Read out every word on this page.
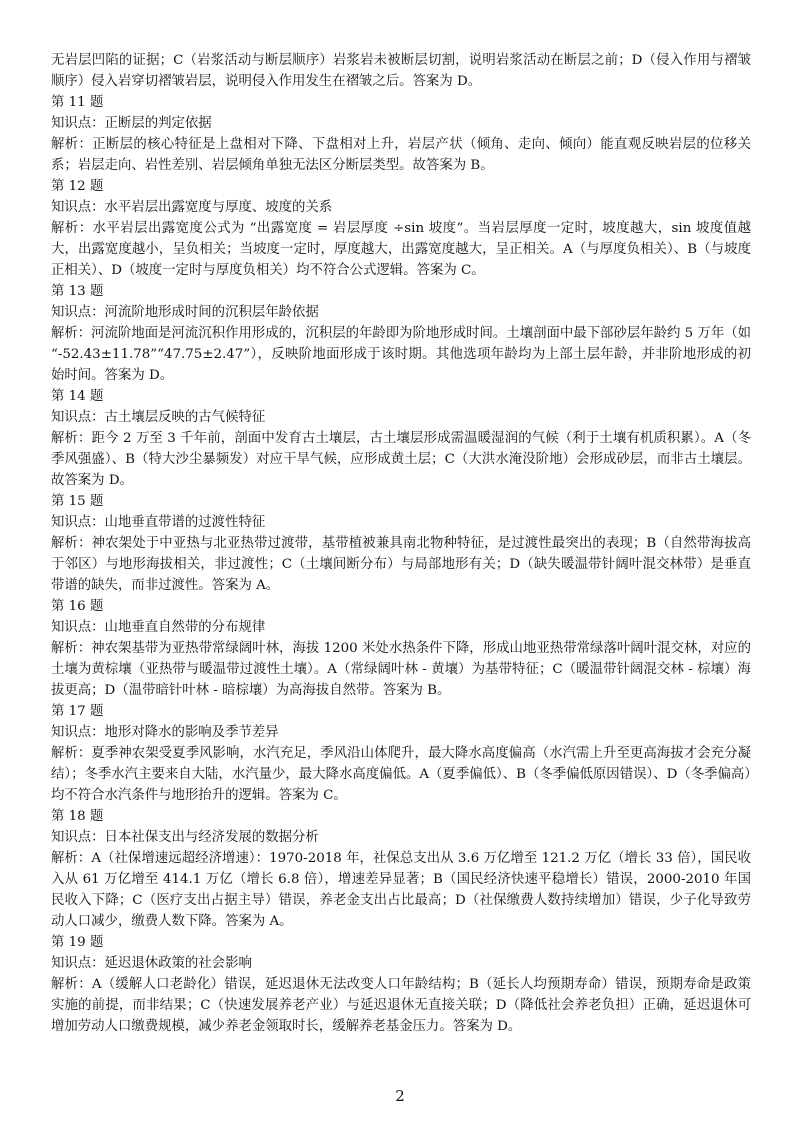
无岩层凹陷的证据；C（岩浆活动与断层顺序）岩浆岩未被断层切割，说明岩浆活动在断层之前；D（侵入作用与褶皱顺序）侵入岩穿切褶皱岩层，说明侵入作用发生在褶皱之后。答案为 D。
第 11 题
知识点：正断层的判定依据
解析：正断层的核心特征是上盘相对下降、下盘相对上升，岩层产状（倾角、走向、倾向）能直观反映岩层的位移关系；岩层走向、岩性差别、岩层倾角单独无法区分断层类型。故答案为 B。
第 12 题
知识点：水平岩层出露宽度与厚度、坡度的关系
解析：水平岩层出露宽度公式为 “出露宽度 = 岩层厚度 ÷sin 坡度”。当岩层厚度一定时，坡度越大，sin 坡度值越大，出露宽度越小，呈负相关；当坡度一定时，厚度越大，出露宽度越大，呈正相关。A（与厚度负相关）、B（与坡度正相关）、D（坡度一定时与厚度负相关）均不符合公式逻辑。答案为 C。
第 13 题
知识点：河流阶地形成时间的沉积层年龄依据
解析：河流阶地面是河流沉积作用形成的，沉积层的年龄即为阶地形成时间。土壤剖面中最下部砂层年龄约 5 万年（如 “-52.43±11.78”“47.75±2.47”），反映阶地面形成于该时期。其他选项年龄均为上部土层年龄，并非阶地形成的初始时间。答案为 D。
第 14 题
知识点：古土壤层反映的古气候特征
解析：距今 2 万至 3 千年前，剖面中发育古土壤层，古土壤层形成需温暖湿润的气候（利于土壤有机质积累）。A（冬季风强盛）、B（特大沙尘暴频发）对应干旱气候，应形成黄土层；C（大洪水淹没阶地）会形成砂层，而非古土壤层。故答案为 D。
第 15 题
知识点：山地垂直带谱的过渡性特征
解析：神农架处于中亚热与北亚热带过渡带，基带植被兼具南北物种特征，是过渡性最突出的表现；B（自然带海拔高于邻区）与地形海拔相关，非过渡性；C（土壤间断分布）与局部地形有关；D（缺失暖温带针阔叶混交林带）是垂直带谱的缺失，而非过渡性。答案为 A。
第 16 题
知识点：山地垂直自然带的分布规律
解析：神农架基带为亚热带常绿阔叶林，海拔 1200 米处水热条件下降，形成山地亚热带常绿落叶阔叶混交林，对应的土壤为黄棕壤（亚热带与暖温带过渡性土壤）。A（常绿阔叶林 - 黄壤）为基带特征；C（暖温带针阔混交林 - 棕壤）海拔更高；D（温带暗针叶林 - 暗棕壤）为高海拔自然带。答案为 B。
第 17 题
知识点：地形对降水的影响及季节差异
解析：夏季神农架受夏季风影响，水汽充足，季风沿山体爬升，最大降水高度偏高（水汽需上升至更高海拔才会充分凝结）；冬季水汽主要来自大陆，水汽量少，最大降水高度偏低。A（夏季偏低）、B（冬季偏低原因错误）、D（冬季偏高）均不符合水汽条件与地形抬升的逻辑。答案为 C。
第 18 题
知识点：日本社保支出与经济发展的数据分析
解析：A（社保增速远超经济增速）：1970-2018 年，社保总支出从 3.6 万亿增至 121.2 万亿（增长 33 倍），国民收入从 61 万亿增至 414.1 万亿（增长 6.8 倍），增速差异显著；B（国民经济快速平稳增长）错误，2000-2010 年国民收入下降；C（医疗支出占据主导）错误，养老金支出占比最高；D（社保缴费人数持续增加）错误，少子化导致劳动人口减少，缴费人数下降。答案为 A。
第 19 题
知识点：延迟退休政策的社会影响
解析：A（缓解人口老龄化）错误，延迟退休无法改变人口年龄结构；B（延长人均预期寿命）错误，预期寿命是政策实施的前提，而非结果；C（快速发展养老产业）与延迟退休无直接关联；D（降低社会养老负担）正确，延迟退休可增加劳动人口缴费规模，减少养老金领取时长，缓解养老基金压力。答案为 D。
2
